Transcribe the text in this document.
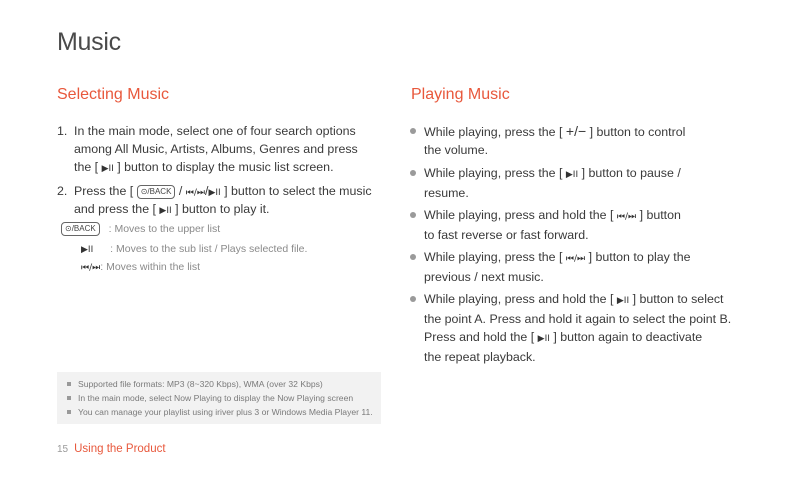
Music
Selecting Music
1. In the main mode, select one of four search options
among All Music, Artists, Albums, Genres and press
the [ ▶II ] button to display the music list screen.
2. Press the [ ⊙/BACK / ⏮/⏭/▶II ] button to select the music
and press the [ ▶II ] button to play it.
⊙/BACK : Moves to the upper list
▶II : Moves to the sub list / Plays selected file.
⏮/⏭: Moves within the list
Supported file formats: MP3 (8~320 Kbps), WMA (over 32 Kbps)
In the main mode, select Now Playing to display the Now Playing screen
You can manage your playlist using iriver plus 3 or Windows Media Player 11.
Playing Music
While playing, press the [ +/− ] button to control
the volume.
While playing, press the [ ▶II ] button to pause /
resume.
While playing, press and hold the [ ⏮/⏭ ] button
to fast reverse or fast forward.
While playing, press the [ ⏮/⏭ ] button to play the
previous / next music.
While playing, press and hold the [ ▶II ] button to select
the point A. Press and hold it again to select the point B.
Press and hold the [ ▶II ] button again to deactivate
the repeat playback.
15 Using the Product
